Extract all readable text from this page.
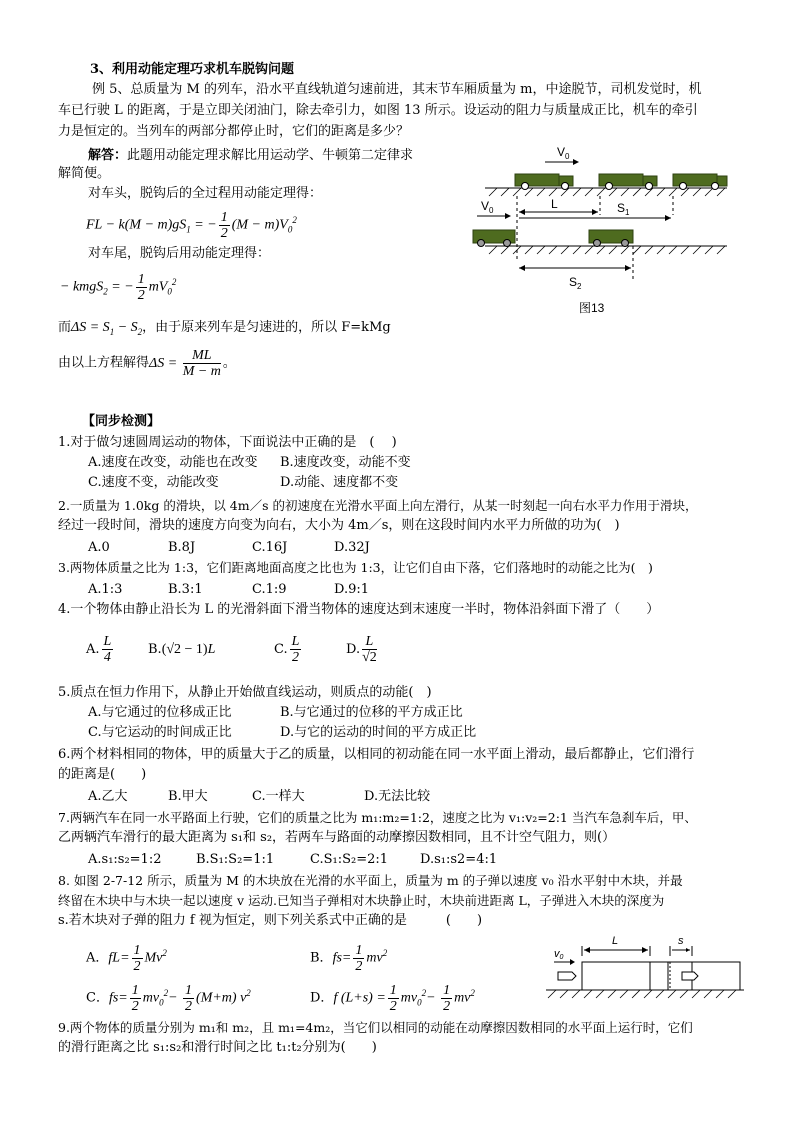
3、利用动能定理巧求机车脱钩问题
例 5、总质量为 M 的列车，沿水平直线轨道匀速前进，其末节车厢质量为 m，中途脱节，司机发觉时，机
车已行驶 L 的距离，于是立即关闭油门，除去牵引力，如图 13 所示。设运动的阻力与质量成正比，机车的牵引
力是恒定的。当列车的两部分都停止时，它们的距离是多少？
解答：此题用动能定理求解比用运动学、牛顿第二定律求
解简便。
对车头，脱钩后的全过程用动能定理得：
FL − $k(M - m)gS_1$ = − $\frac{1}{2} (M - m)V_0^2$
对车尾，脱钩后用动能定理得：
− kmgS$_2$ = − $\frac{1}{2} mV_0^2$
而$\Delta S = S_1 - S_2$，由于原来列车是匀速进的，所以 F=kMg
由以上方程解得$\Delta S = \frac{ML}{M - m}$ 。
$V_0$
L	$S_1$
$V_0$
$S_2$
图13
【同步检测】
1.对于做匀速圆周运动的物体，下面说法中正确的是　(　 )
A.速度在改变，动能也在改变 B.速度改变，动能不变
C.速度不变，动能改变	D.动能、速度都不变
2.一质量为 1.0kg 的滑块，以 4m／s 的初速度在光滑水平面上向左滑行，从某一时刻起一向右水平力作用于滑块，
经过一段时间，滑块的速度方向变为向右，大小为 4m／s，则在这段时间内水平力所做的功为(　)
A.0	B.8J	C.16J	D.32J
3.两物体质量之比为 1:3，它们距离地面高度之比也为 1:3，让它们自由下落，它们落地时的动能之比为(　)
A.1:3	B.3:1	C.1:9	D.9:1
4.一个物体由静止沿长为 L 的光滑斜面下滑当物体的速度达到末速度一半时，物体沿斜面下滑了（　　）
A. $\frac{L}{4}$	B.(√2 − 1)L	C. $\frac{L}{2}$	D. $\frac{L}{√2}$
5.质点在恒力作用下，从静止开始做直线运动，则质点的动能(　)
A.与它通过的位移成正比	B.与它通过的位移的平方成正比
C.与它运动的时间成正比	D.与它的运动的时间的平方成正比
6.两个材料相同的物体，甲的质量大于乙的质量，以相同的初动能在同一水平面上滑动，最后都静止，它们滑行
的距离是(　　)
A.乙大	B.甲大	C.一样大	D.无法比较
7.两辆汽车在同一水平路面上行驶，它们的质量之比为 m₁:m₂=1:2，速度之比为 v₁:v₂=2:1 当汽车急刹车后，甲、
乙两辆汽车滑行的最大距离为 s₁和 s₂，若两车与路面的动摩擦因数相同，且不计空气阻力，则(）
A.s₁:s₂=1:2	B.S₁:S₂=1:1	C.S₁:S₂=2:1 D.s₁:s2=4:1
8. 如图 2-7-12 所示，质量为 M 的木块放在光滑的水平面上，质量为 m 的子弹以速度 v₀ 沿水平射中木块，并最
终留在木块中与木块一起以速度 v 运动.已知当子弹相对木块静止时，木块前进距离 L，子弹进入木块的深度为
s.若木块对子弹的阻力 f 视为恒定，则下列关系式中正确的是　　　(　　)
A．$fL= \frac{1}{2} Mv^2$	B．$fs= \frac{1}{2} mv^2$
C．$fs= \frac{1}{2} mv_0^2- \frac{1}{2} (M+m)$ $v^2$	D．f $(L+s) = \frac{1}{2} mv_0^2- \frac{1}{2} mv^2$
L	s
v0
9.两个物体的质量分别为 m₁和 m₂，且 m₁=4m₂，当它们以相同的动能在动摩擦因数相同的水平面上运行时，它们
的滑行距离之比 s₁:s₂和滑行时间之比 t₁:t₂分别为(　　)
